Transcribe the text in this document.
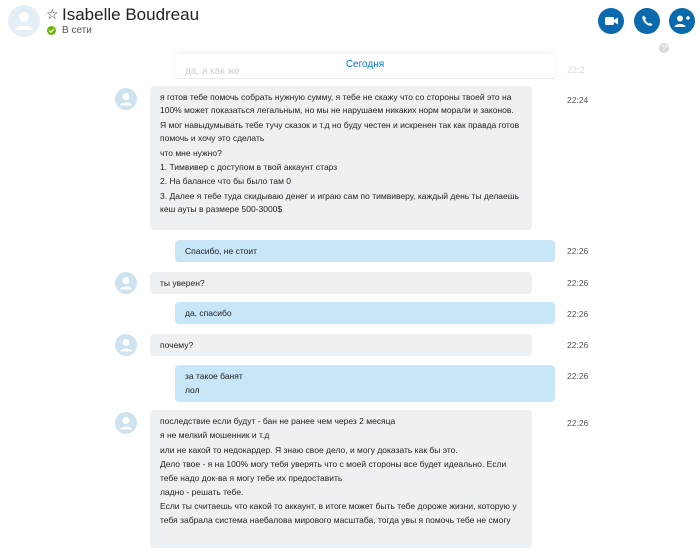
☆ Isabelle Boudreau
В сети
да, я как же
Сегодня	22:2

я готов тебе помочь собрать нужную сумму, я тебе не скажу что со стороны твоей это на 100% может показаться легальным, но мы не нарушаем никаких норм морали и законов.

Я мог навыдумывать тебе тучу сказок и т.д но буду честен и искренен так как правда готов помочь и хочу это сделать

что мне нужно?

1. Тимвивер с доступом в твой аккаунт старз

2. На балансе что бы было там 0

3. Далее я тебе туда скидываю денег и играю сам по тимвиверу, каждый день ты делаешь кеш ауты в размере 500-3000$

22:24

Спасибо, не стоит	22:26

ты уверен?	22:26

да, спасибо	22:26

почему?	22:26

за такое банят

лол

22:26

последствие если будут - бан не ранее чем через 2 месяца

я не мелкий мошенник и т.д

или не какой то недокардер. Я знаю свое дело, и могу доказать как бы это.

Дело твое - я на 100% могу тебя уверять что с моей стороны все будет идеально. Если тебе надо док-ва я могу тебе их предоставить

ладно - решать тебе.

Если ты считаешь что какой то аккаунт, в итоге может быть тебе дороже жизни, которую у тебя забрала система наебалова мирового масштаба, тогда увы я помочь тебе не смогу

22:26
